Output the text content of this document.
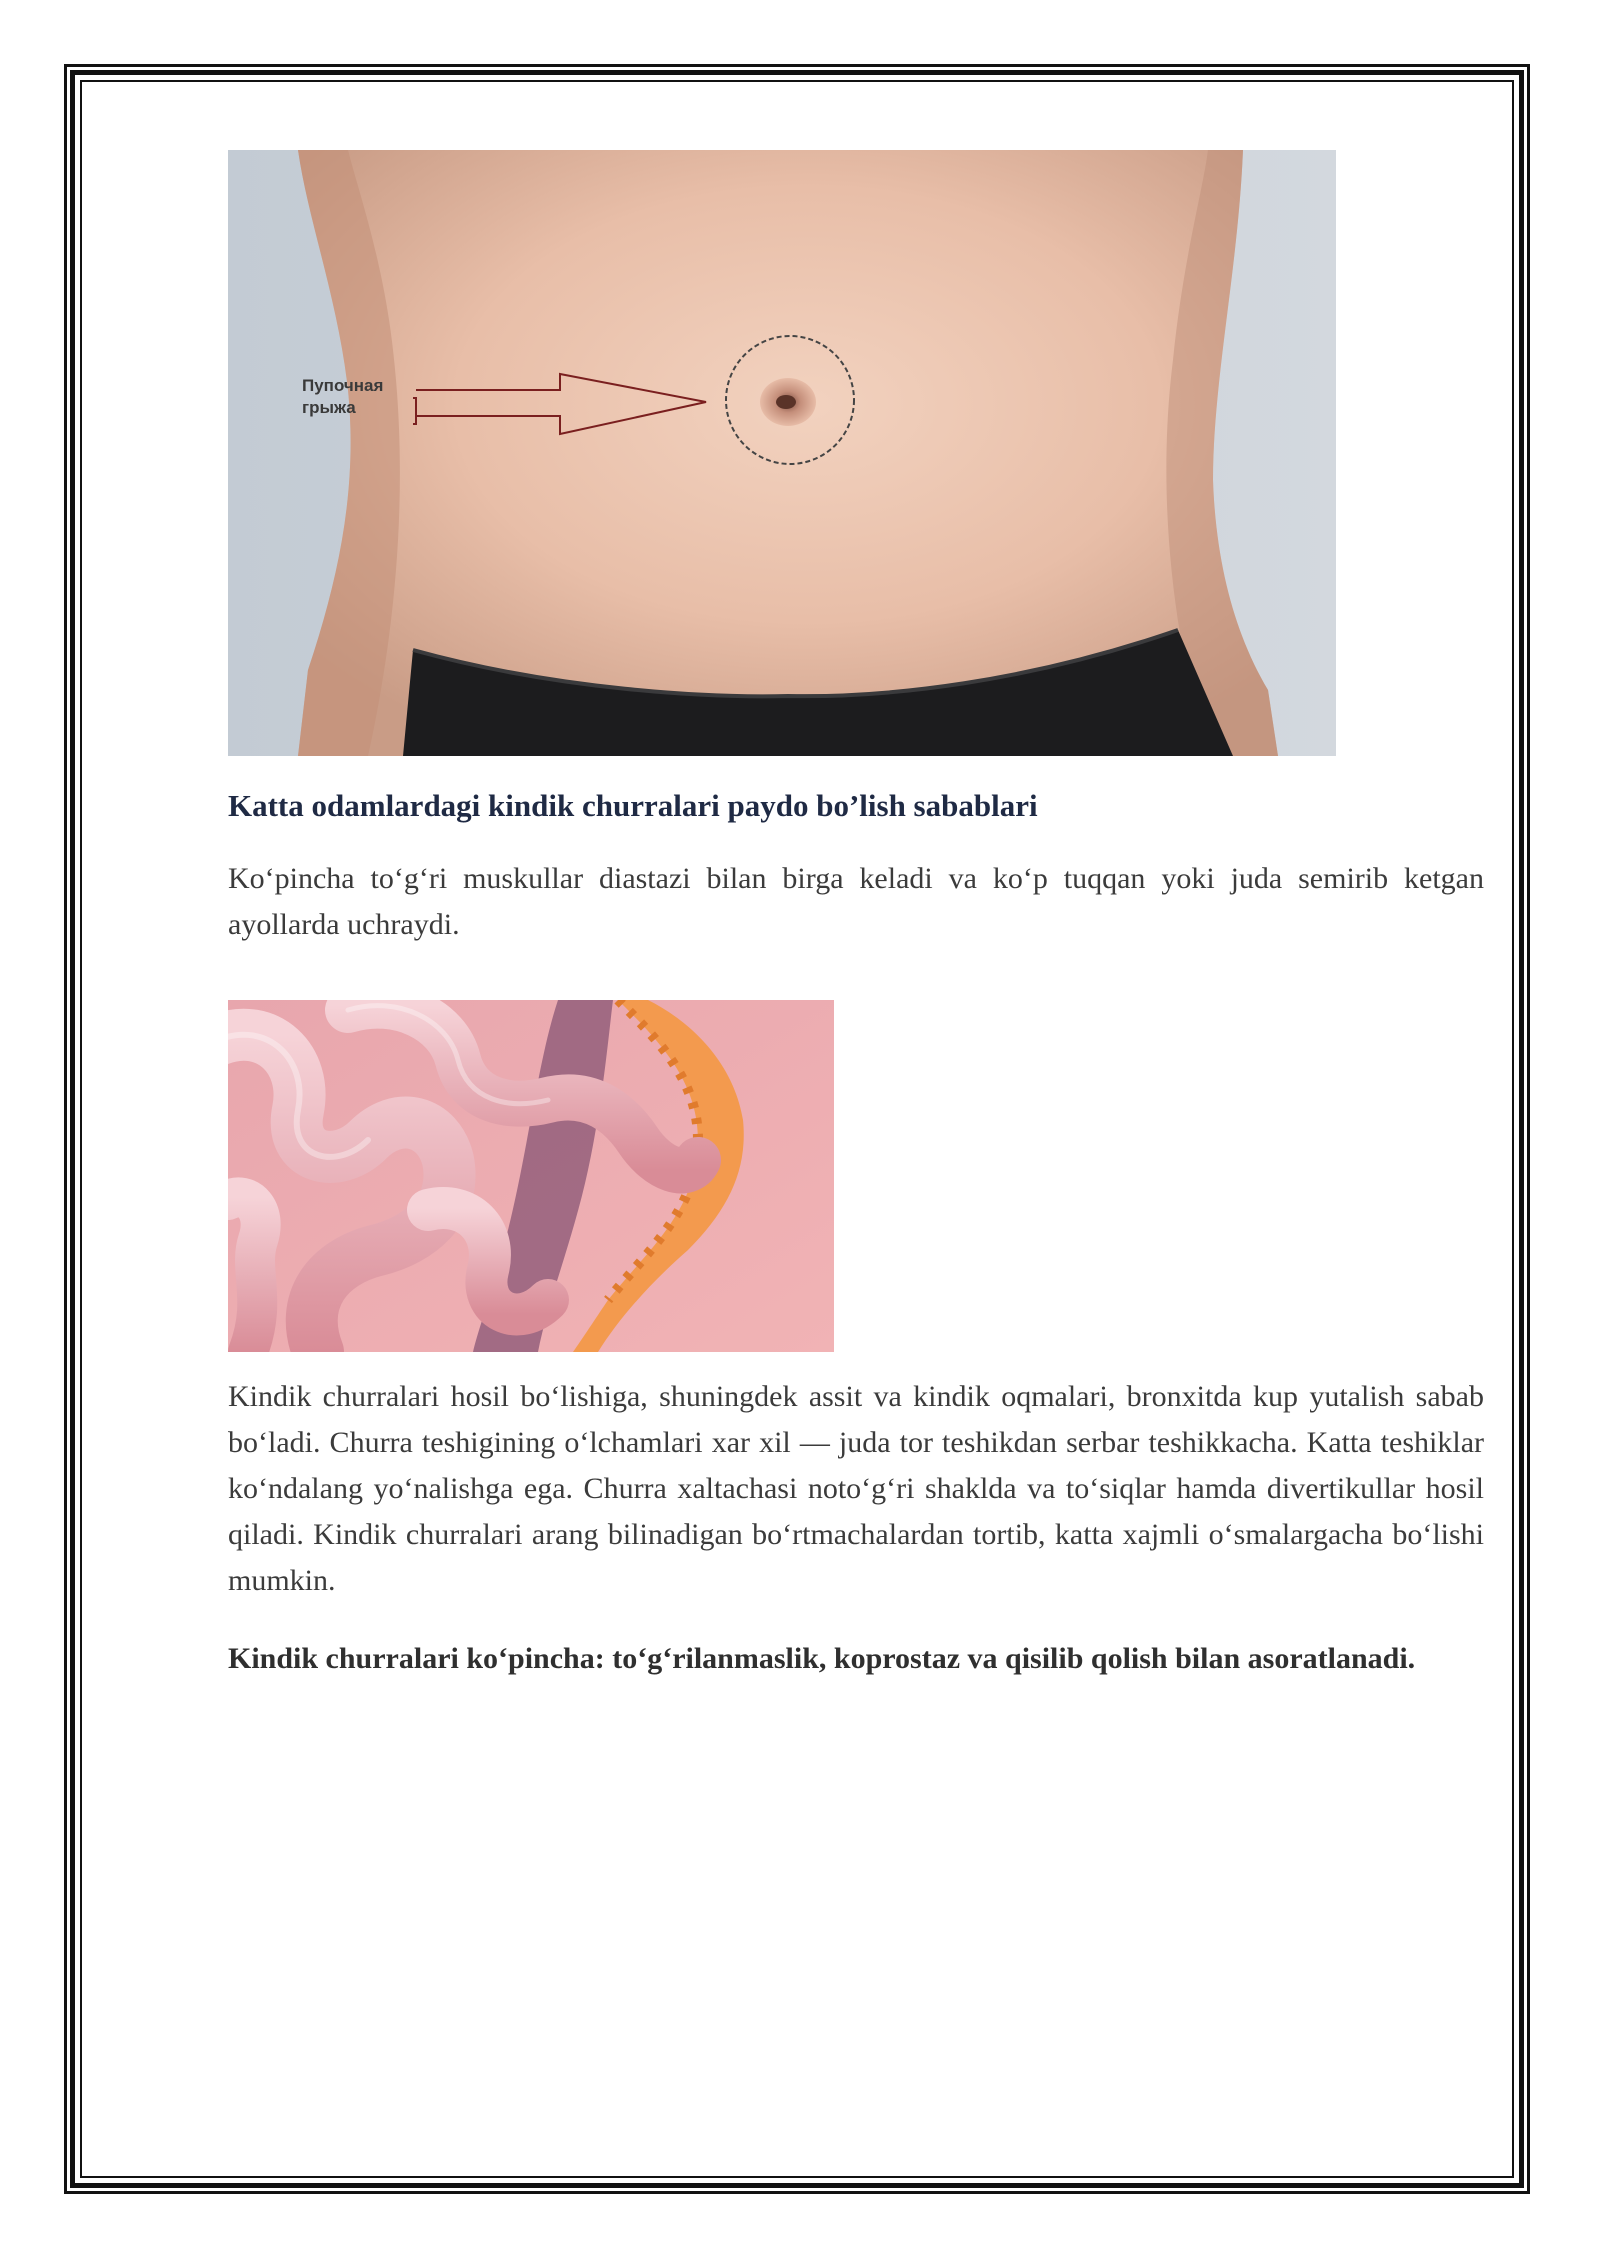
Пупочная
грыжа
Katta odamlardagi kindik churralari paydo bo’lish sabablari

Ko‘pincha to‘g‘ri muskullar diastazi bilan birga keladi va ko‘p tuqqan yoki juda semirib ketgan ayollarda uchraydi.

Kindik churralari hosil bo‘lishiga, shuningdek assit va kindik oqmalari, bronxitda kup yutalish sabab bo‘ladi. Churra teshigining o‘lchamlari xar xil — juda tor teshikdan serbar teshikkacha. Katta teshiklar ko‘ndalang yo‘nalishga ega. Churra xaltachasi noto‘g‘ri shaklda va to‘siqlar hamda divertikullar hosil qiladi. Kindik churralari arang bilinadigan bo‘rtmachalardan tortib, katta xajmli o‘smalargacha bo‘lishi mumkin.

Kindik churralari ko‘pincha: to‘g‘rilanmaslik, koprostaz va qisilib qolish bilan asoratlanadi.
